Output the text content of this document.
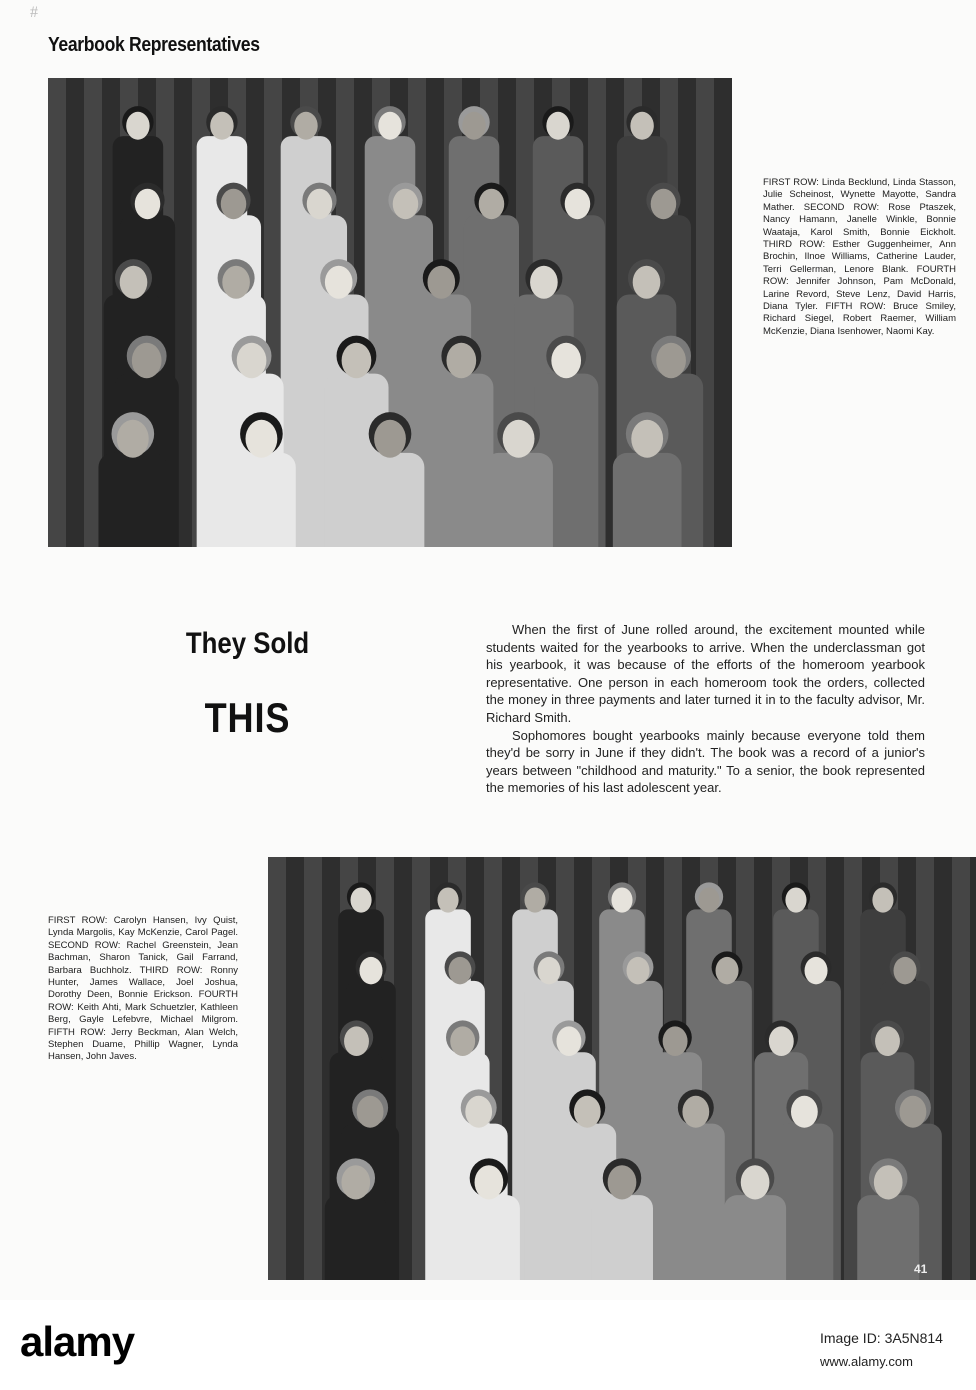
#
Yearbook Representatives
FIRST ROW: Linda Becklund, Linda Stasson, Julie Scheinost, Wynette Mayotte, Sandra Mather. SECOND ROW: Rose Ptaszek, Nancy Hamann, Janelle Winkle, Bonnie Waataja, Karol Smith, Bonnie Eickholt. THIRD ROW: Esther Guggenheimer, Ann Brochin, Ilnoe Williams, Catherine Lauder, Terri Gellerman, Lenore Blank. FOURTH ROW: Jennifer Johnson, Pam McDonald, Larine Revord, Steve Lenz, David Harris, Diana Tyler. FIFTH ROW: Bruce Smiley, Richard Siegel, Robert Raemer, William McKenzie, Diana Isenhower, Naomi Kay.
They Sold
THIS

When the first of June rolled around, the excitement mounted while students waited for the yearbooks to arrive. When the underclassman got his yearbook, it was because of the efforts of the homeroom yearbook representative. One person in each homeroom took the orders, collected the money in three payments and later turned it in to the faculty advisor, Mr. Richard Smith.

Sophomores bought yearbooks mainly because everyone told them they'd be sorry in June if they didn't. The book was a record of a junior's years between "childhood and maturity." To a senior, the book represented the memories of his last adolescent year.

FIRST ROW: Carolyn Hansen, Ivy Quist, Lynda Margolis, Kay McKenzie, Carol Pagel. SECOND ROW: Rachel Greenstein, Jean Bachman, Sharon Tanick, Gail Farrand, Barbara Buchholz. THIRD ROW: Ronny Hunter, James Wallace, Joel Joshua, Dorothy Deen, Bonnie Erickson. FOURTH ROW: Keith Ahti, Mark Schuetzler, Kathleen Berg, Gayle Lefebvre, Michael Milgrom. FIFTH ROW: Jerry Beckman, Alan Welch, Stephen Duame, Phillip Wagner, Lynda Hansen, John Javes.
41
alamy	Image ID: 3A5N814
www.alamy.com
